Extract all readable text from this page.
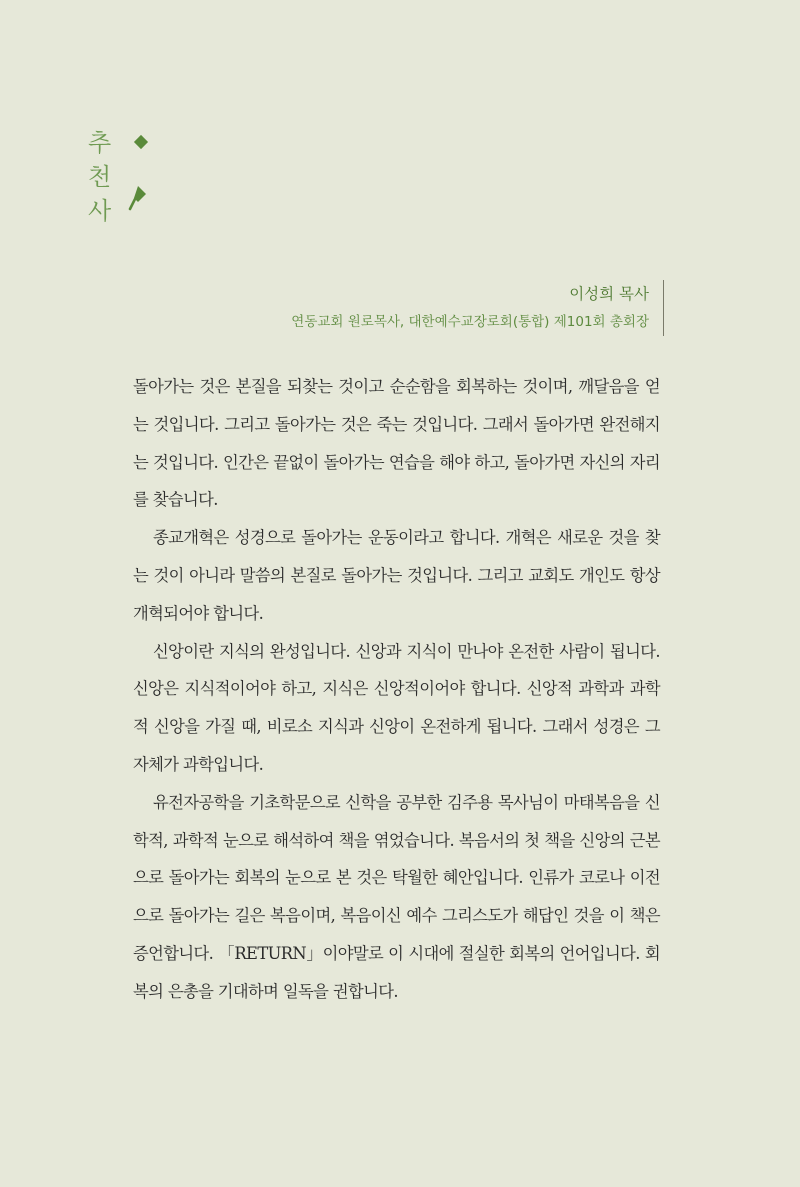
추
천
사
이성희 목사
연동교회 원로목사, 대한예수교장로회(통합) 제101회 총회장

돌아가는 것은 본질을 되찾는 것이고 순순함을 회복하는 것이며, 깨달음을 얻는 것입니다. 그리고 돌아가는 것은 죽는 것입니다. 그래서 돌아가면 완전해지는 것입니다. 인간은 끝없이 돌아가는 연습을 해야 하고, 돌아가면 자신의 자리를 찾습니다.

종교개혁은 성경으로 돌아가는 운동이라고 합니다. 개혁은 새로운 것을 찾는 것이 아니라 말씀의 본질로 돌아가는 것입니다. 그리고 교회도 개인도 항상 개혁되어야 합니다.

신앙이란 지식의 완성입니다. 신앙과 지식이 만나야 온전한 사람이 됩니다. 신앙은 지식적이어야 하고, 지식은 신앙적이어야 합니다. 신앙적 과학과 과학적 신앙을 가질 때, 비로소 지식과 신앙이 온전하게 됩니다. 그래서 성경은 그 자체가 과학입니다.

유전자공학을 기초학문으로 신학을 공부한 김주용 목사님이 마태복음을 신학적, 과학적 눈으로 해석하여 책을 엮었습니다. 복음서의 첫 책을 신앙의 근본으로 돌아가는 회복의 눈으로 본 것은 탁월한 혜안입니다. 인류가 코로나 이전으로 돌아가는 길은 복음이며, 복음이신 예수 그리스도가 해답인 것을 이 책은 증언합니다. 「RETURN」이야말로 이 시대에 절실한 회복의 언어입니다. 회복의 은총을 기대하며 일독을 권합니다.
